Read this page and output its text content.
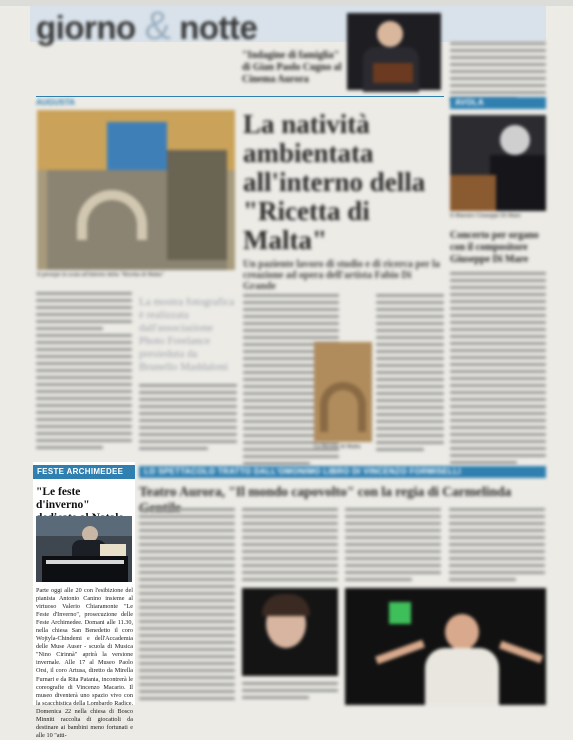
giorno & notte
"Indagine di famiglia" di Gian Paolo Cugno al Cinema Aurora
AUGUSTA
Il presepe in scala all'interno della "Ricetta di Malta"
La natività ambientata all'interno della "Ricetta di Malta"
Un paziente lavoro di studio e di ricerca per la creazione ad opera dell'artista Fabio Di Grande
La mostra fotografica è realizzata dall'associazione Photo Freelance presieduta da Brunello Maddaloni
La Ricetta di Malta
AVOLA
Il Maestro Giuseppe Di Mare
Concerto per organo con il compositore Giuseppe Di Mare
FESTE ARCHIMEDEE
"Le feste d'inverno"
Parte oggi alle 20 con l'esibizione del pianista Antonio Canino insieme al virtuoso Valerio Chiaramonte "Le Feste d'Inverno", prosecuzione delle Feste Archimedee. Domani alle 11.30, nella chiesa San Benedetto il coro Wojtyla-Chindemi e dell'Accademia delle Muse Auser - scuola di Musica "Nino Cirinnà" aprirà la versione invernale. Alle 17 al Museo Paolo Orsi, il coro Artusa, diretto da Mirella Furnari e da Rita Patania, incontrerà le coreografie di Vincenzo Macario. Il museo diventerà uno spazio vivo con la scacchistica della Lombardo Radice. Domenica 22 nella chiesa di Bosco Minniti raccolta di giocattoli da destinare ai bambini meno fortunati e alle 10 "atti-
LO SPETTACOLO TRATTO DALL'OMONIMO LIBRO DI VINCENZO FORMISELLI
Teatro Aurora, "Il mondo capovolto" con la regia di Carmelinda
